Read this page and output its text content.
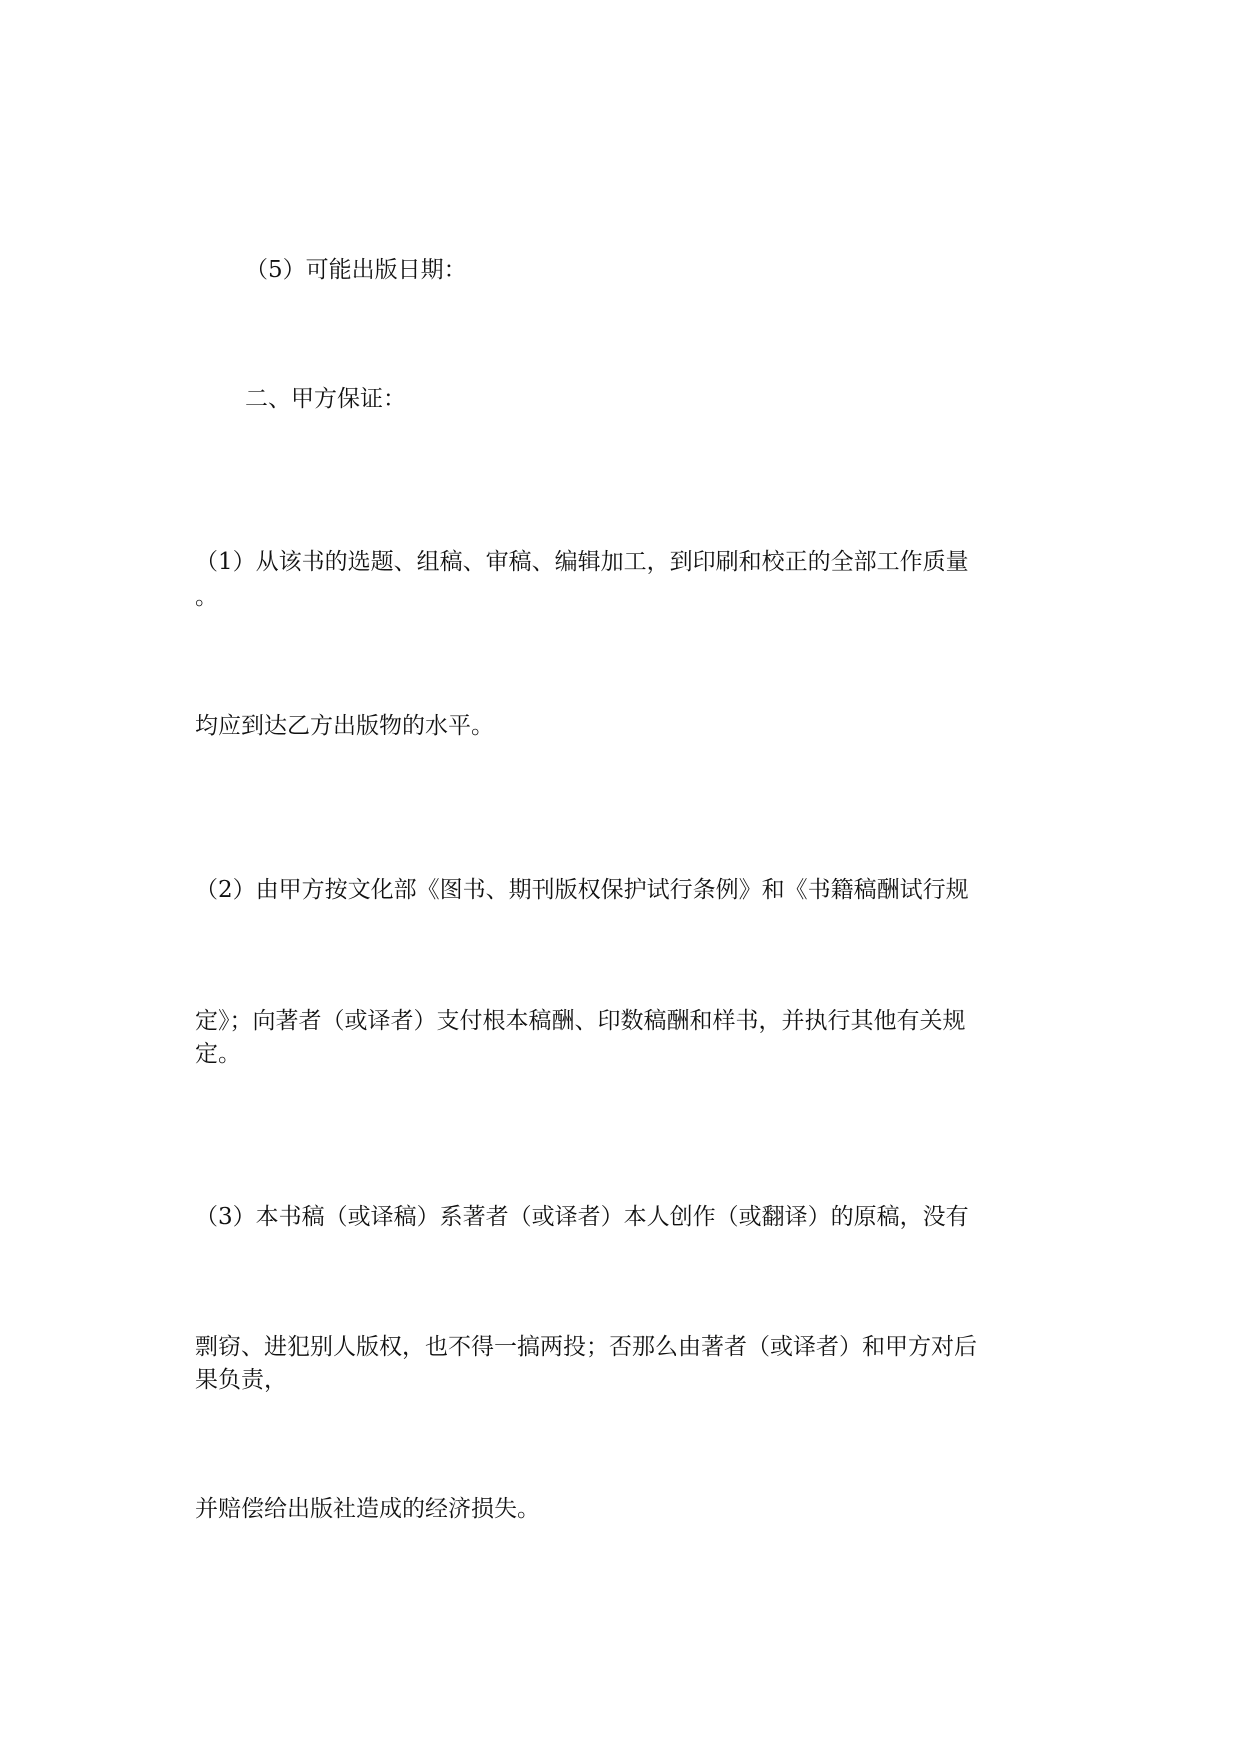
（5）可能出版日期：

二、甲方保证：

（1）从该书的选题、组稿、审稿、编辑加工，到印刷和校正的全部工作质量

。

均应到达乙方出版物的水平。

（2）由甲方按文化部《图书、期刊版权保护试行条例》和《书籍稿酬试行规

定》；向著者（或译者）支付根本稿酬、印数稿酬和样书，并执行其他有关规

定。

（3）本书稿（或译稿）系著者（或译者）本人创作（或翻译）的原稿，没有

剽窃、进犯别人版权，也不得一搞两投；否那么由著者（或译者）和甲方对后

果负责，

并赔偿给出版社造成的经济损失。
